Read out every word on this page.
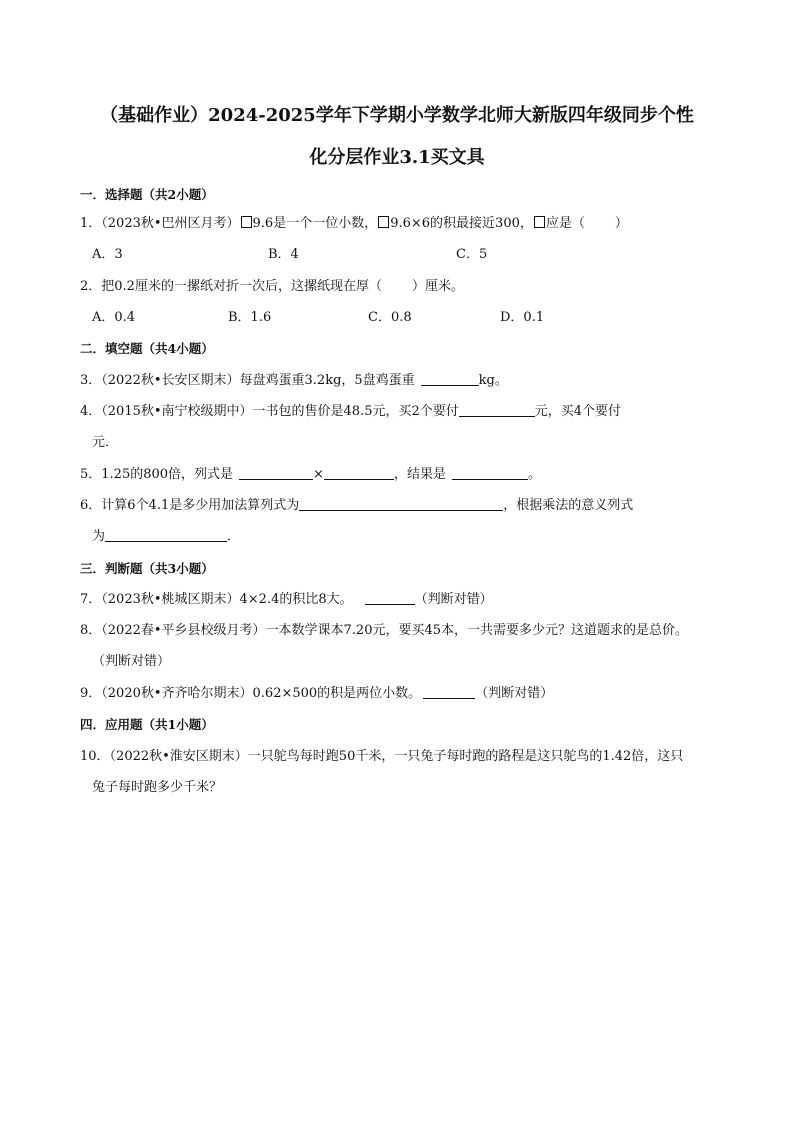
（基础作业）2024-2025学年下学期小学数学北师大新版四年级同步个性
化分层作业3.1买文具
一．选择题（共2小题）
1．（2023秋•巴州区月考） 9.6是一个一位小数， 9.6×6的积最接近300， 应是（ ）
A．3	B．4	C．5
2．把0.2厘米的一摞纸对折一次后，这摞纸现在厚（ ）厘米。
A．0.4	B．1.6	C．0.8	D．0.1
二．填空题（共4小题）
3．（2022秋•长安区期末）每盘鸡蛋重3.2kg，5盘鸡蛋重	kg。
4．（2015秋•南宁校级期中）一书包的售价是48.5元，买2个要付	元，买4个要付
元．
5．1.25的800倍，列式是	×	，结果是	。
6．计算6个4.1是多少用加法算列式为	，根据乘法的意义列式
为	．
三．判断题（共3小题）
7．（2023秋•桃城区期末）4×2.4的积比8大。	（判断对错）
8．（2022春•平乡县校级月考）一本数学课本7.20元，要买45本，一共需要多少元？这道题求的是总价。
（判断对错）
9．（2020秋•齐齐哈尔期末）0.62×500的积是两位小数。	（判断对错）
四．应用题（共1小题）
10．（2022秋•淮安区期末）一只鸵鸟每时跑50千米，一只兔子每时跑的路程是这只鸵鸟的1.42倍，这只
兔子每时跑多少千米？
